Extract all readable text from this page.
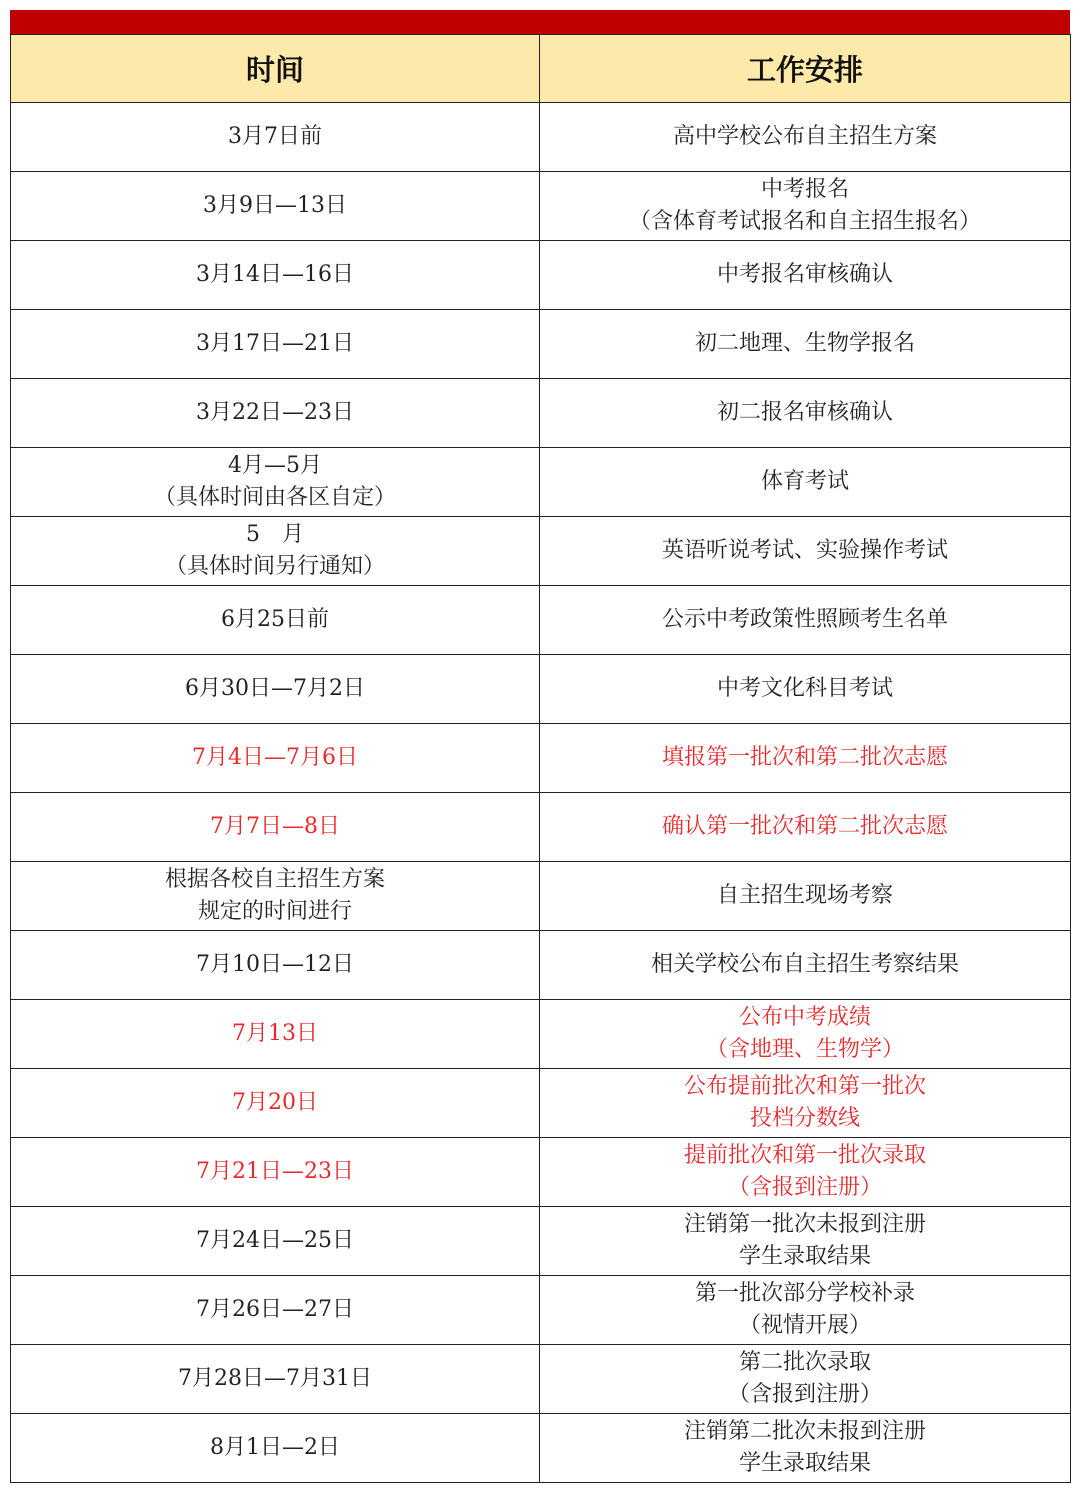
时间	工作安排

3月7日前	高中学校公布自主招生方案

3月9日—13日	中考报名
（含体育考试报名和自主招生报名）

3月14日—16日	中考报名审核确认

3月17日—21日	初二地理、生物学报名

3月22日—23日	初二报名审核确认

4月—5月
（具体时间由各区自定）	体育考试

5　月
（具体时间另行通知）	英语听说考试、实验操作考试

6月25日前	公示中考政策性照顾考生名单

6月30日—7月2日	中考文化科目考试

7月4日—7月6日	填报第一批次和第二批次志愿

7月7日—8日	确认第一批次和第二批次志愿

根据各校自主招生方案
规定的时间进行	自主招生现场考察

7月10日—12日	相关学校公布自主招生考察结果

7月13日	公布中考成绩
（含地理、生物学）

7月20日	公布提前批次和第一批次
投档分数线

7月21日—23日	提前批次和第一批次录取
（含报到注册）

7月24日—25日	注销第一批次未报到注册
学生录取结果

7月26日—27日	第一批次部分学校补录
（视情开展）

7月28日—7月31日	第二批次录取
（含报到注册）

8月1日—2日	注销第二批次未报到注册
学生录取结果
